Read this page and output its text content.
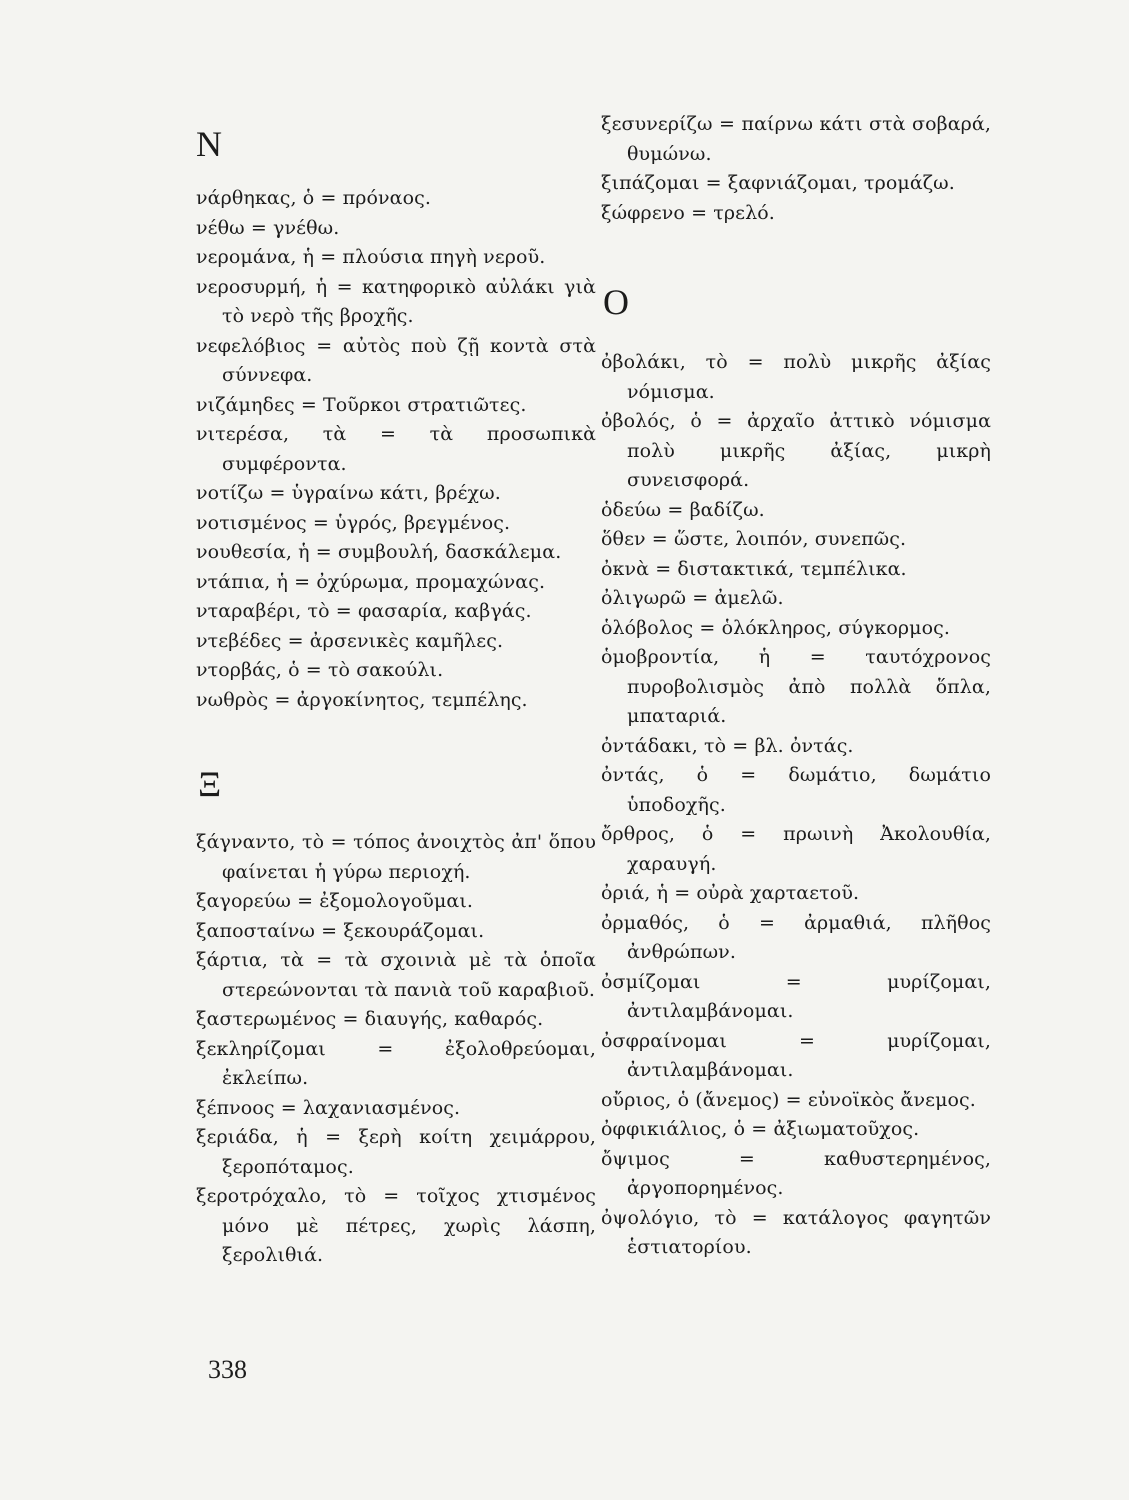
Ν
νάρθηκας, ὁ = πρόναος.
νέθω = γνέθω.
νερομάνα, ἡ = πλούσια πηγὴ νεροῦ.
νεροσυρμή, ἡ = κατηφορικὸ αὐλάκι γιὰ τὸ νερὸ τῆς βροχῆς.
νεφελόβιος = αὐτὸς ποὺ ζῇ κοντὰ στὰ σύννεφα.
νιζάμηδες = Τοῦρκοι στρατιῶτες.
νιτερέσα, τὰ = τὰ προσωπικὰ συμφέροντα.
νοτίζω = ὑγραίνω κάτι, βρέχω.
νοτισμένος = ὑγρός, βρεγμένος.
νουθεσία, ἡ = συμβουλή, δασκάλεμα.
ντάπια, ἡ = ὀχύρωμα, προμαχώνας.
νταραβέρι, τὸ = φασαρία, καβγάς.
ντεβέδες = ἀρσενικὲς καμῆλες.
ντορβάς, ὁ = τὸ σακούλι.
νωθρὸς = ἀργοκίνητος, τεμπέλης.
Ξ
ξάγναντο, τὸ = τόπος ἀνοιχτὸς ἀπ' ὅπου φαίνεται ἡ γύρω περιοχή.
ξαγορεύω = ἐξομολογοῦμαι.
ξαποσταίνω = ξεκουράζομαι.
ξάρτια, τὰ = τὰ σχοινιὰ μὲ τὰ ὁποῖα στερεώνονται τὰ πανιὰ τοῦ καραβιοῦ.
ξαστερωμένος = διαυγής, καθαρός.
ξεκληρίζομαι = ἐξολοθρεύομαι, ἐκλείπω.
ξέπνοος = λαχανιασμένος.
ξεριάδα, ἡ = ξερὴ κοίτη χειμάρρου, ξεροπόταμος.
ξεροτρόχαλο, τὸ = τοῖχος χτισμένος μόνο μὲ πέτρες, χωρὶς λάσπη, ξερολιθιά.
ξεσυνερίζω = παίρνω κάτι στὰ σοβαρά, θυμώνω.
ξιπάζομαι = ξαφνιάζομαι, τρομάζω.
ξώφρενο = τρελό.
Ο
ὀβολάκι, τὸ = πολὺ μικρῆς ἀξίας νόμισμα.
ὀβολός, ὁ = ἀρχαῖο ἀττικὸ νόμισμα πολὺ μικρῆς ἀξίας, μικρὴ συνεισφορά.
ὁδεύω = βαδίζω.
ὅθεν = ὥστε, λοιπόν, συνεπῶς.
ὀκνὰ = διστακτικά, τεμπέλικα.
ὀλιγωρῶ = ἀμελῶ.
ὁλόβολος = ὁλόκληρος, σύγκορμος.
ὁμοβροντία, ἡ = ταυτόχρονος πυροβολισμὸς ἀπὸ πολλὰ ὅπλα, μπαταριά.
ὀντάδακι, τὸ = βλ. ὀντάς.
ὀντάς, ὁ = δωμάτιο, δωμάτιο ὑποδοχῆς.
ὄρθρος, ὁ = πρωινὴ Ἀκολουθία, χαραυγή.
ὀριά, ἡ = οὐρὰ χαρταετοῦ.
ὀρμαθός, ὁ = ἀρμαθιά, πλῆθος ἀνθρώπων.
ὀσμίζομαι = μυρίζομαι, ἀντιλαμβάνομαι.
ὀσφραίνομαι = μυρίζομαι, ἀντιλαμβάνομαι.
οὔριος, ὁ (ἄνεμος) = εὐνοϊκὸς ἄνεμος.
ὀφφικιάλιος, ὁ = ἀξιωματοῦχος.
ὄψιμος = καθυστερημένος, ἀργοπορημένος.
ὀψολόγιο, τὸ = κατάλογος φαγητῶν ἑστιατορίου.

338
